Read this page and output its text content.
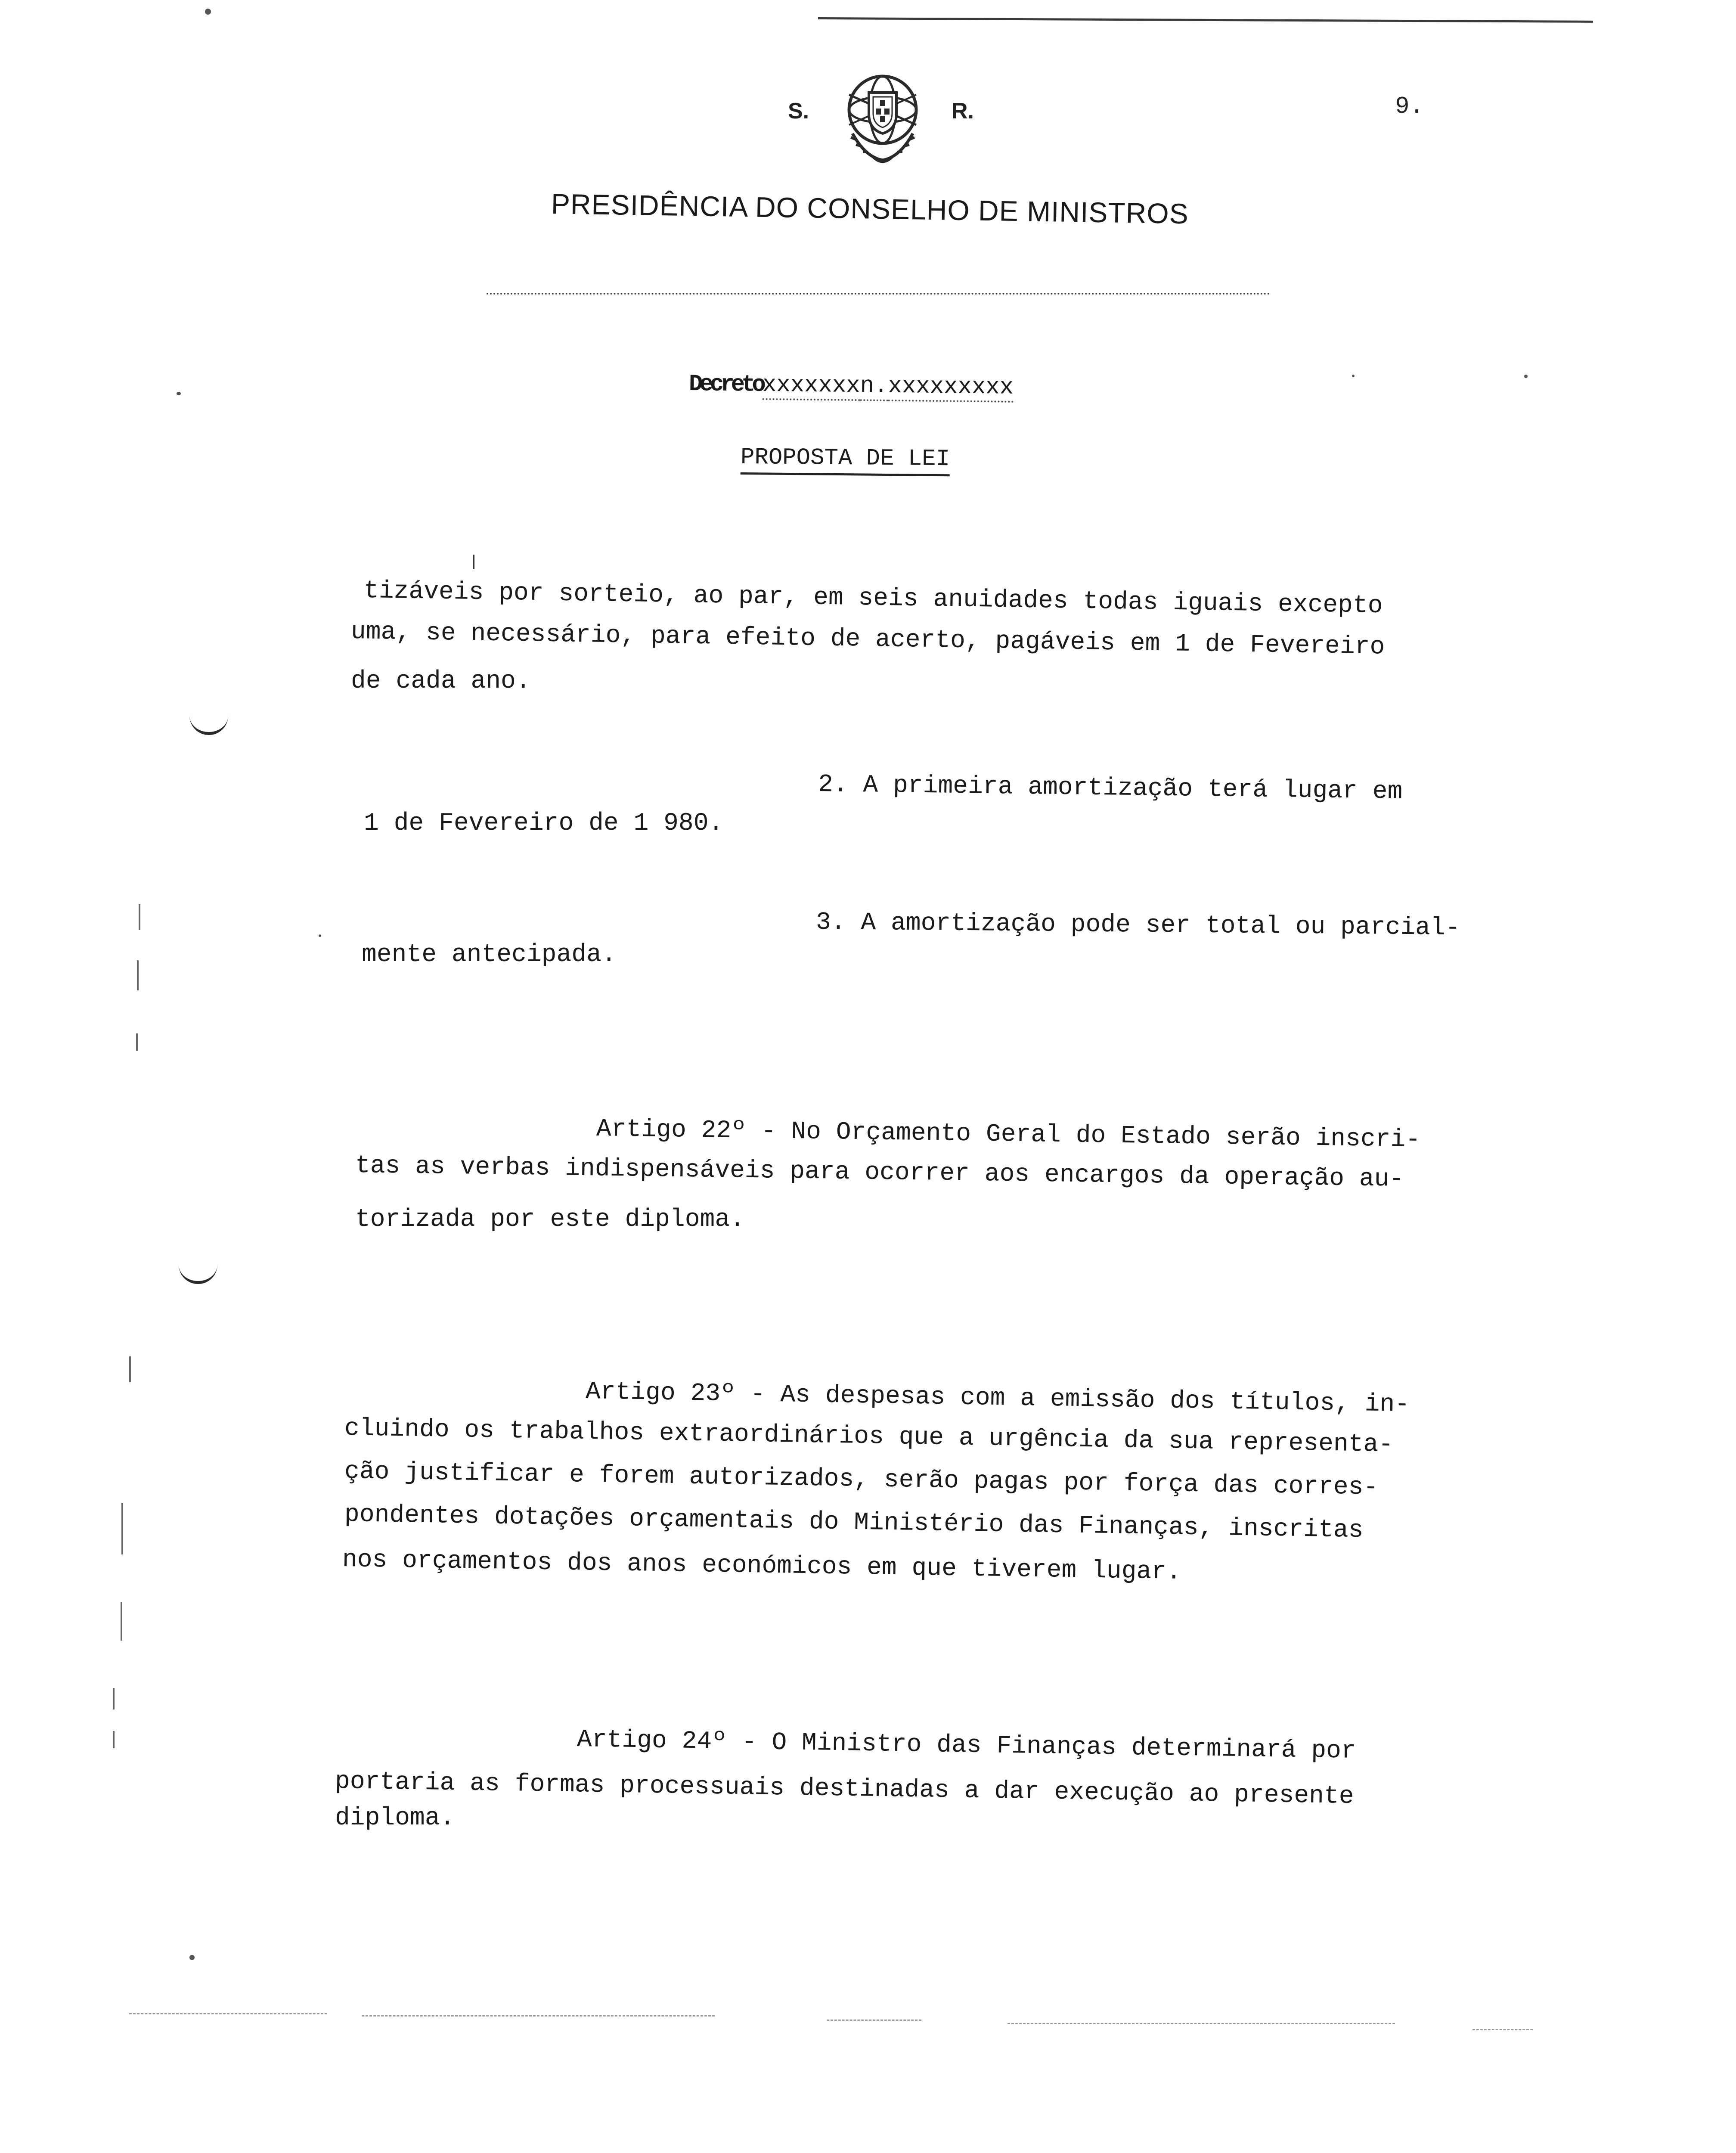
S.	R.	9.
PRESIDÊNCIA DO CONSELHO DE MINISTROS
Decretoxxxxxxxn.xxxxxxxxx
PROPOSTA DE LEI
tizáveis por sorteio, ao par, em seis anuidades todas iguais excepto
uma, se necessário, para efeito de acerto, pagáveis em 1 de Fevereiro
de cada ano.
2. A primeira amortização terá lugar em
1 de Fevereiro de 1 980.
3. A amortização pode ser total ou parcial-
mente antecipada.
Artigo 22º - No Orçamento Geral do Estado serão inscri-
tas as verbas indispensáveis para ocorrer aos encargos da operação au-
torizada por este diploma.
Artigo 23º - As despesas com a emissão dos títulos, in-
cluindo os trabalhos extraordinários que a urgência da sua representa-
ção justificar e forem autorizados, serão pagas por força das corres-
pondentes dotações orçamentais do Ministério das Finanças, inscritas
nos orçamentos dos anos económicos em que tiverem lugar.
Artigo 24º - O Ministro das Finanças determinará por
portaria as formas processuais destinadas a dar execução ao presente
diploma.
